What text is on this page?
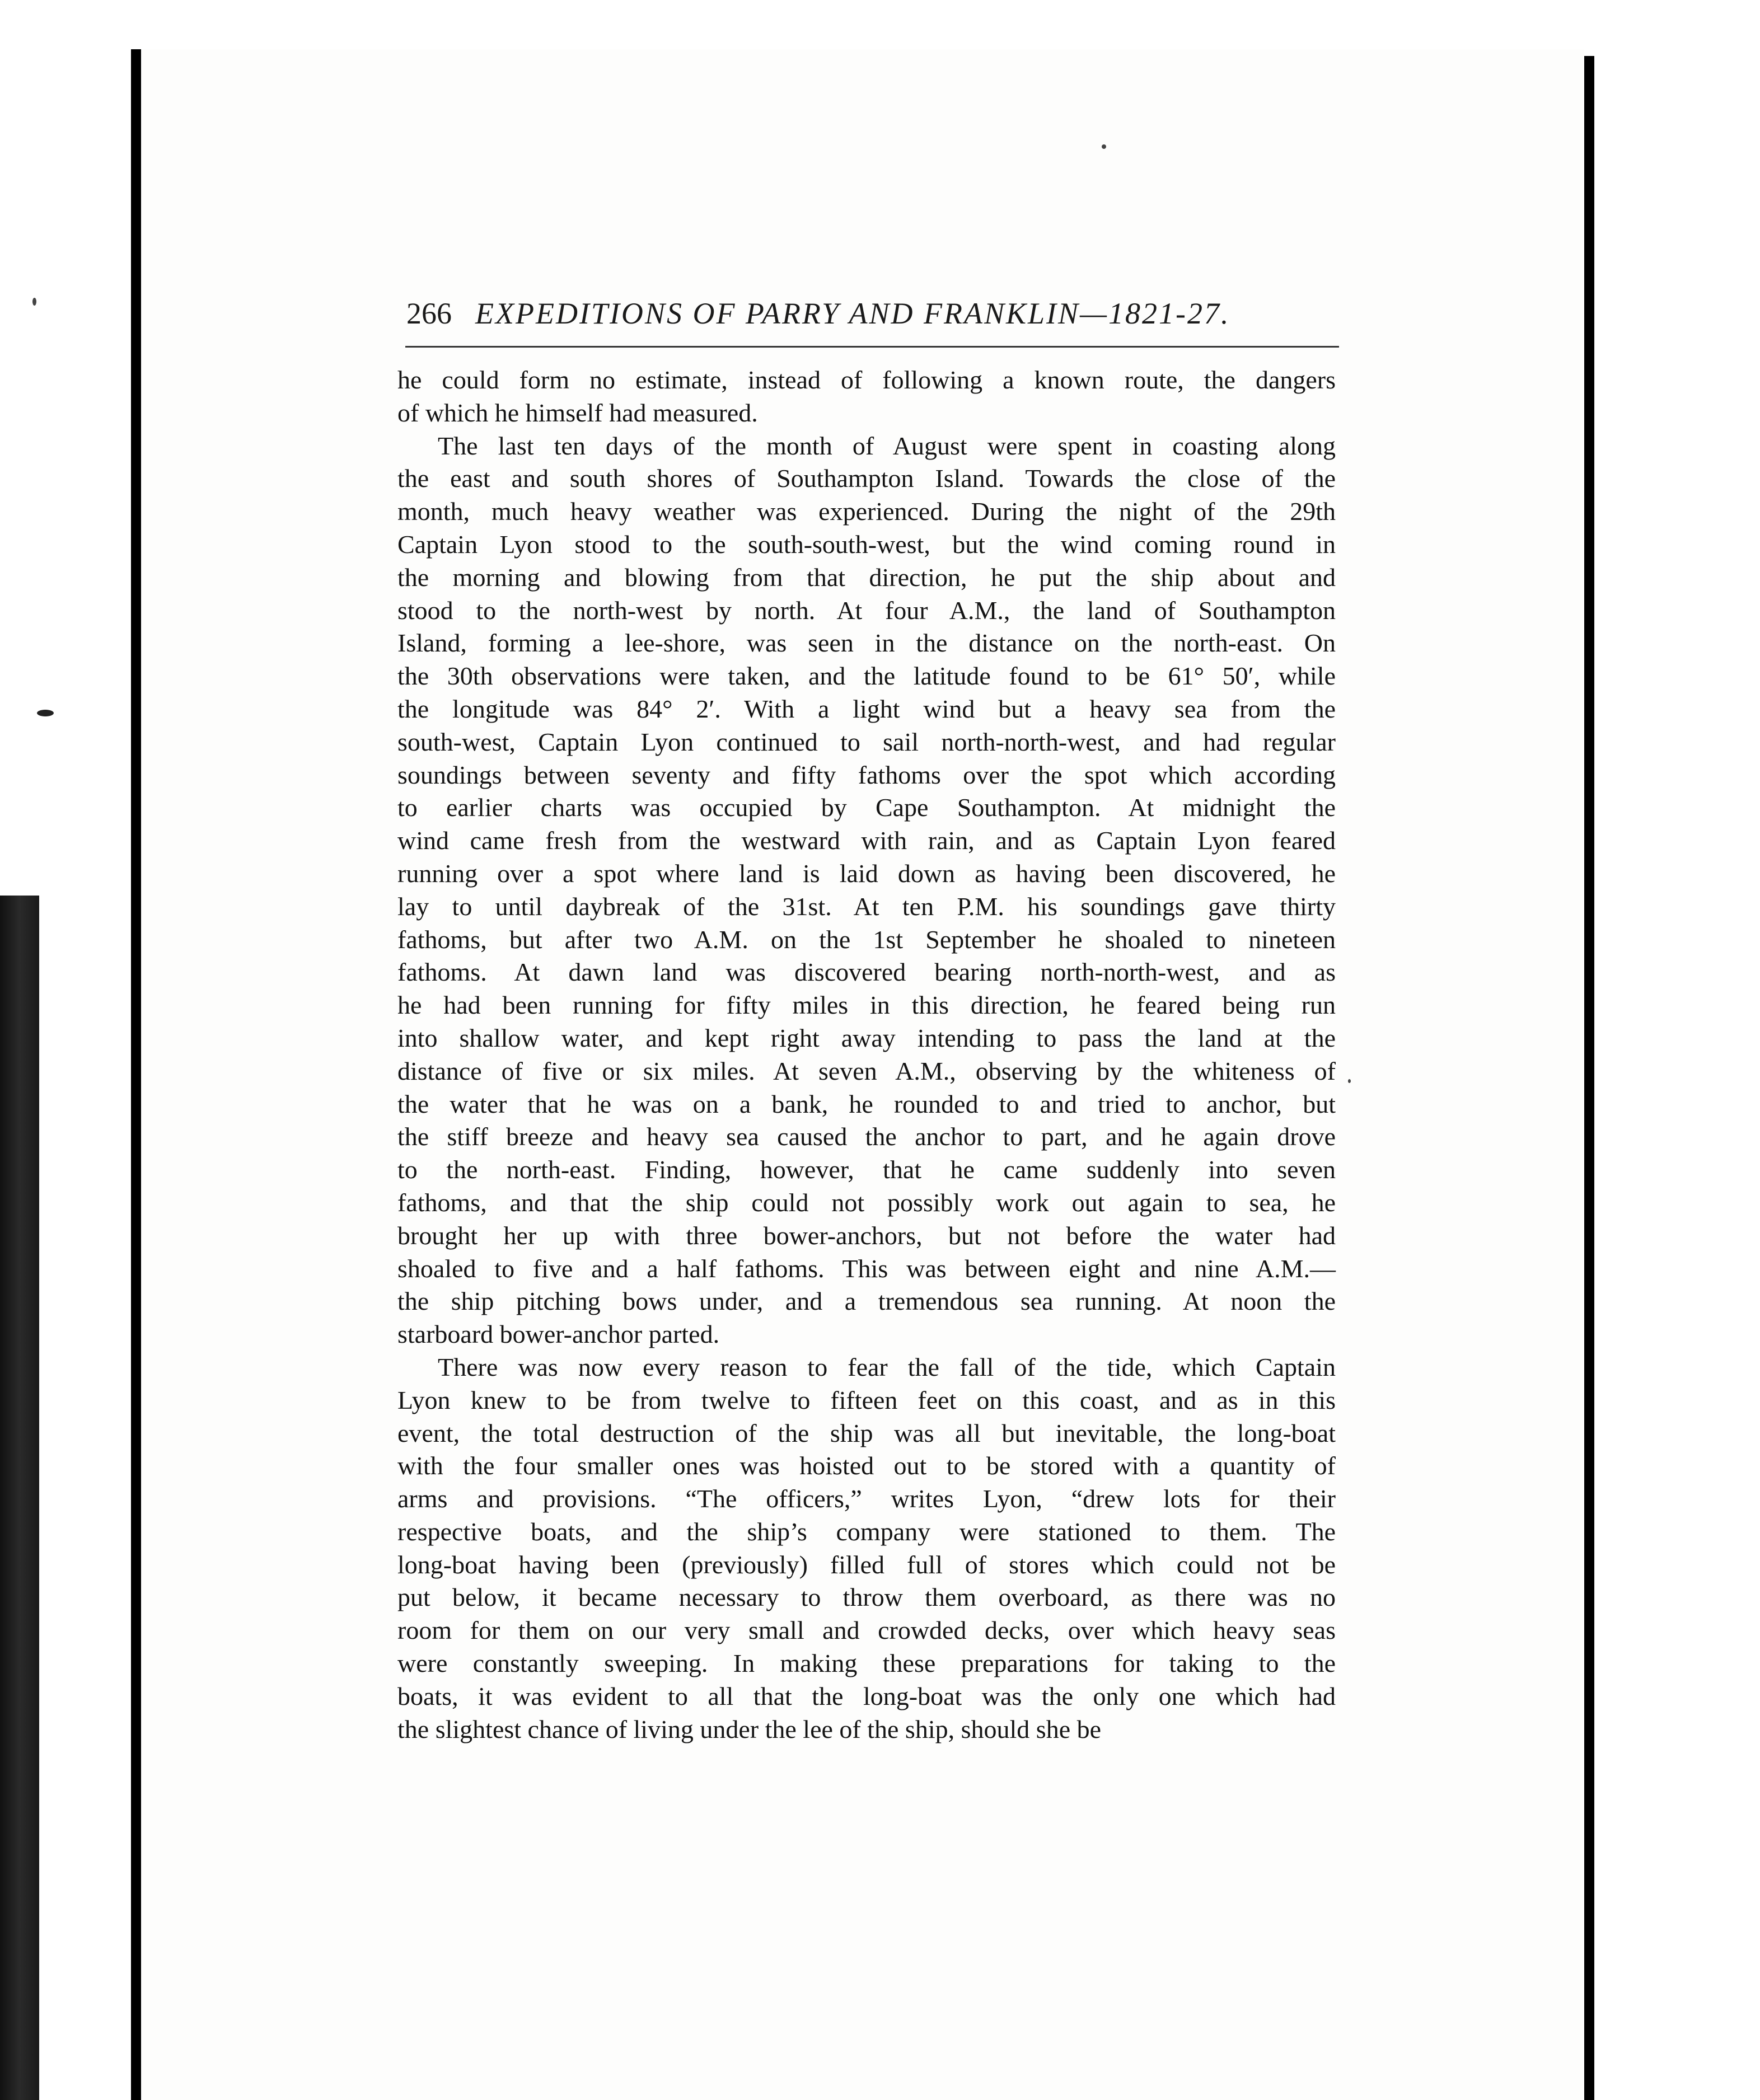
266 EXPEDITIONS OF PARRY AND FRANKLIN—1821-27.
he could form no estimate, instead of following a known route, the dangers
of which he himself had measured.
The last ten days of the month of August were spent in coasting along
the east and south shores of Southampton Island. Towards the close of the
month, much heavy weather was experienced. During the night of the 29th
Captain Lyon stood to the south-south-west, but the wind coming round in
the morning and blowing from that direction, he put the ship about and
stood to the north-west by north. At four A.M., the land of Southampton
Island, forming a lee-shore, was seen in the distance on the north-east. On
the 30th observations were taken, and the latitude found to be 61° 50′, while
the longitude was 84° 2′. With a light wind but a heavy sea from the
south-west, Captain Lyon continued to sail north-north-west, and had regular
soundings between seventy and fifty fathoms over the spot which according
to earlier charts was occupied by Cape Southampton. At midnight the
wind came fresh from the westward with rain, and as Captain Lyon feared
running over a spot where land is laid down as having been discovered, he
lay to until daybreak of the 31st. At ten P.M. his soundings gave thirty
fathoms, but after two A.M. on the 1st September he shoaled to nineteen
fathoms. At dawn land was discovered bearing north-north-west, and as
he had been running for fifty miles in this direction, he feared being run
into shallow water, and kept right away intending to pass the land at the
distance of five or six miles. At seven A.M., observing by the whiteness of
the water that he was on a bank, he rounded to and tried to anchor, but
the stiff breeze and heavy sea caused the anchor to part, and he again drove
to the north-east. Finding, however, that he came suddenly into seven
fathoms, and that the ship could not possibly work out again to sea, he
brought her up with three bower-anchors, but not before the water had
shoaled to five and a half fathoms. This was between eight and nine A.M.—
the ship pitching bows under, and a tremendous sea running. At noon the
starboard bower-anchor parted.
There was now every reason to fear the fall of the tide, which Captain
Lyon knew to be from twelve to fifteen feet on this coast, and as in this
event, the total destruction of the ship was all but inevitable, the long-boat
with the four smaller ones was hoisted out to be stored with a quantity of
arms and provisions. “The officers,” writes Lyon, “drew lots for their
respective boats, and the ship’s company were stationed to them. The
long-boat having been (previously) filled full of stores which could not be
put below, it became necessary to throw them overboard, as there was no
room for them on our very small and crowded decks, over which heavy seas
were constantly sweeping. In making these preparations for taking to the
boats, it was evident to all that the long-boat was the only one which had
the slightest chance of living under the lee of the ship, should she be
